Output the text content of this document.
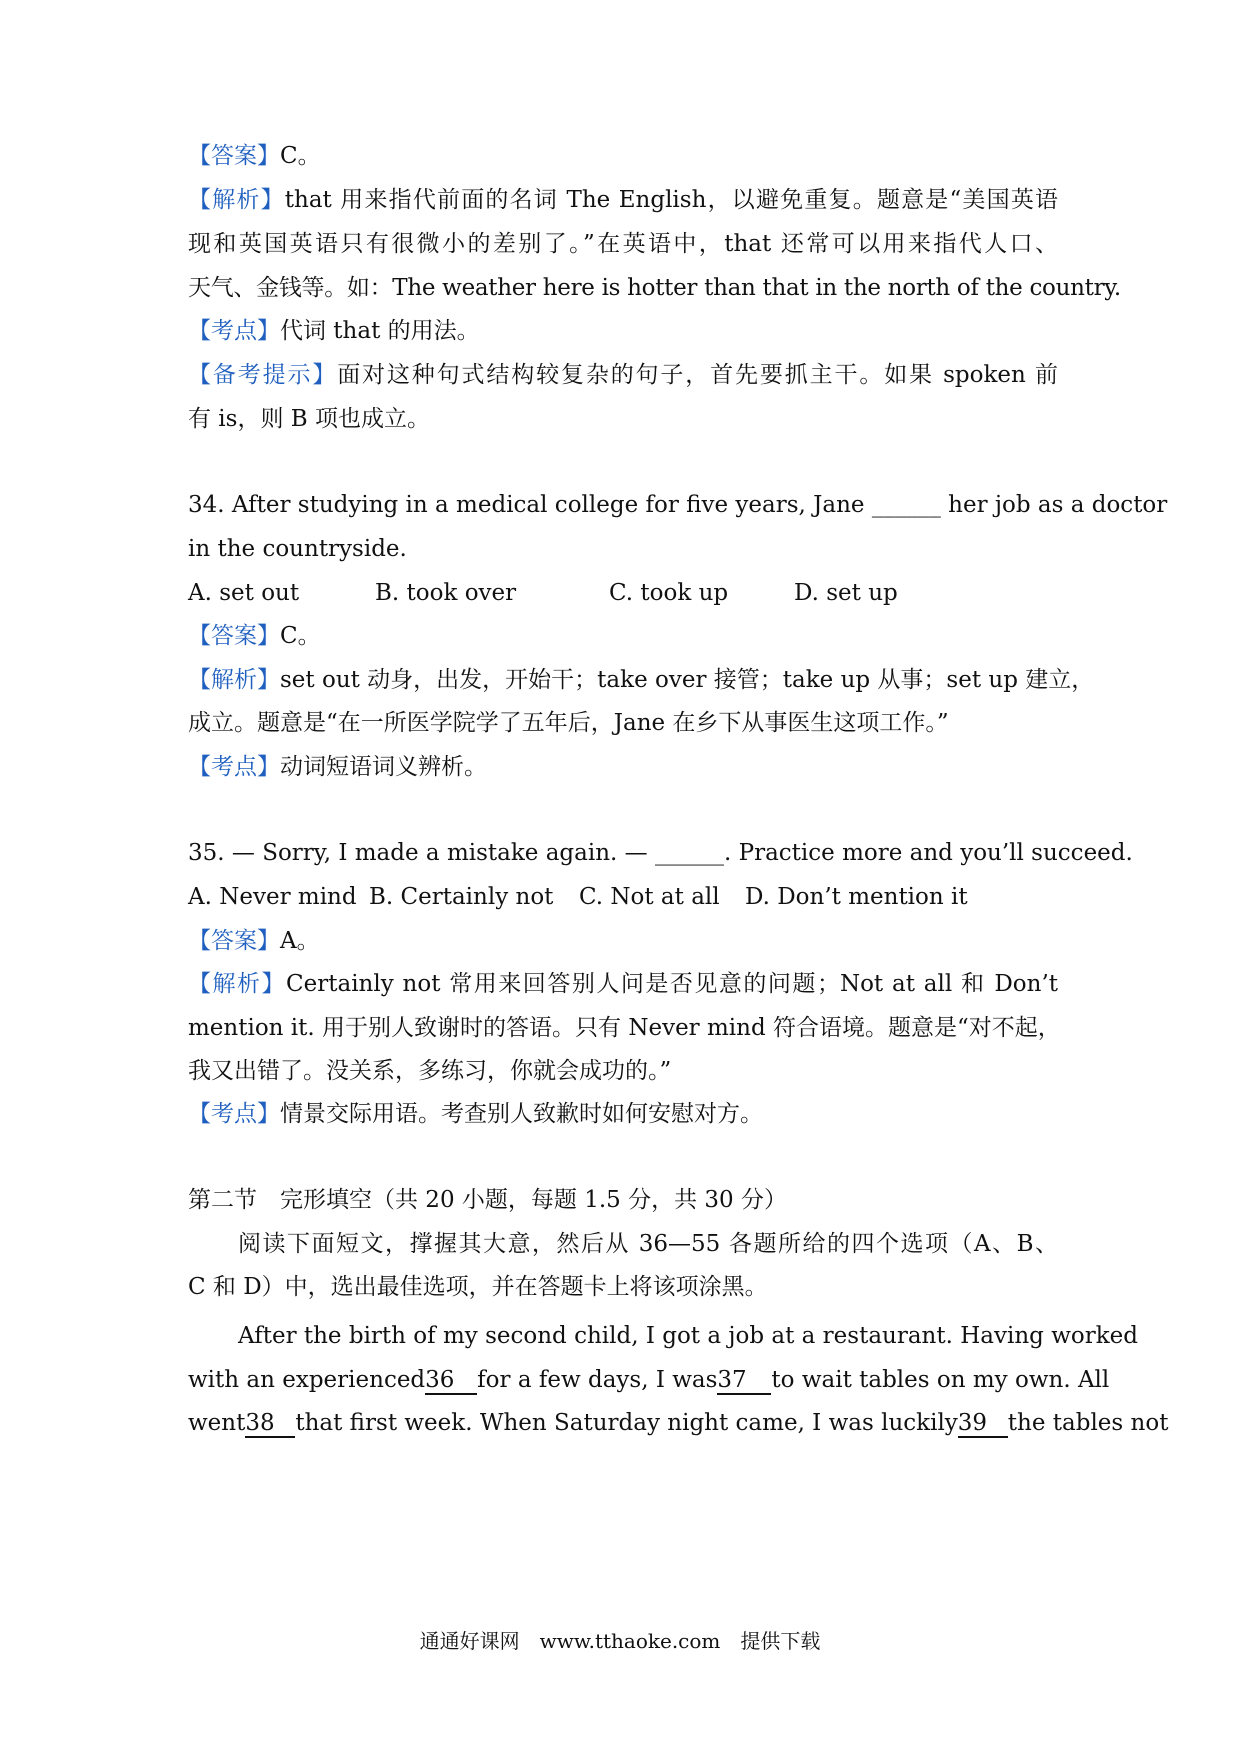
【答案】C。
【解析】that 用来指代前面的名词 The English，以避免重复。题意是“美国英语
现和英国英语只有很微小的差别了。”在英语中，that 还常可以用来指代人口、
天气、金钱等。如：The weather here is hotter than that in the north of the country.
【考点】代词 that 的用法。
【备考提示】面对这种句式结构较复杂的句子，首先要抓主干。如果 spoken 前
有 is，则 B 项也成立。
34. After studying in a medical college for five years, Jane ______ her job as a doctor
in the countryside.
A. set out	B. took over	C. took up	D. set up
【答案】C。
【解析】set out 动身，出发，开始干；take over 接管；take up 从事；set up 建立，
成立。题意是“在一所医学院学了五年后，Jane 在乡下从事医生这项工作。”
【考点】动词短语词义辨析。
35. — Sorry, I made a mistake again. — ______. Practice more and you’ll succeed.
A. Never mind B. Certainly not C. Not at all D. Don’t mention it
【答案】A。
【解析】Certainly not 常用来回答别人问是否见意的问题；Not at all 和 Don’t
mention it. 用于别人致谢时的答语。只有 Never mind 符合语境。题意是“对不起，
我又出错了。没关系，多练习，你就会成功的。”
【考点】情景交际用语。考查别人致歉时如何安慰对方。
第二节　完形填空（共 20 小题，每题 1.5 分，共 30 分）
阅读下面短文，撑握其大意，然后从 36—55 各题所给的四个选项（A、B、
C 和 D）中，选出最佳选项，并在答题卡上将该项涂黑。
After the birth of my second child, I got a job at a restaurant. Having worked
with an experienced36 for a few days, I was37 to wait tables on my own. All
went38 that first week. When Saturday night came, I was luckily39 the tables not
通通好课网　www.tthaoke.com　提供下载
